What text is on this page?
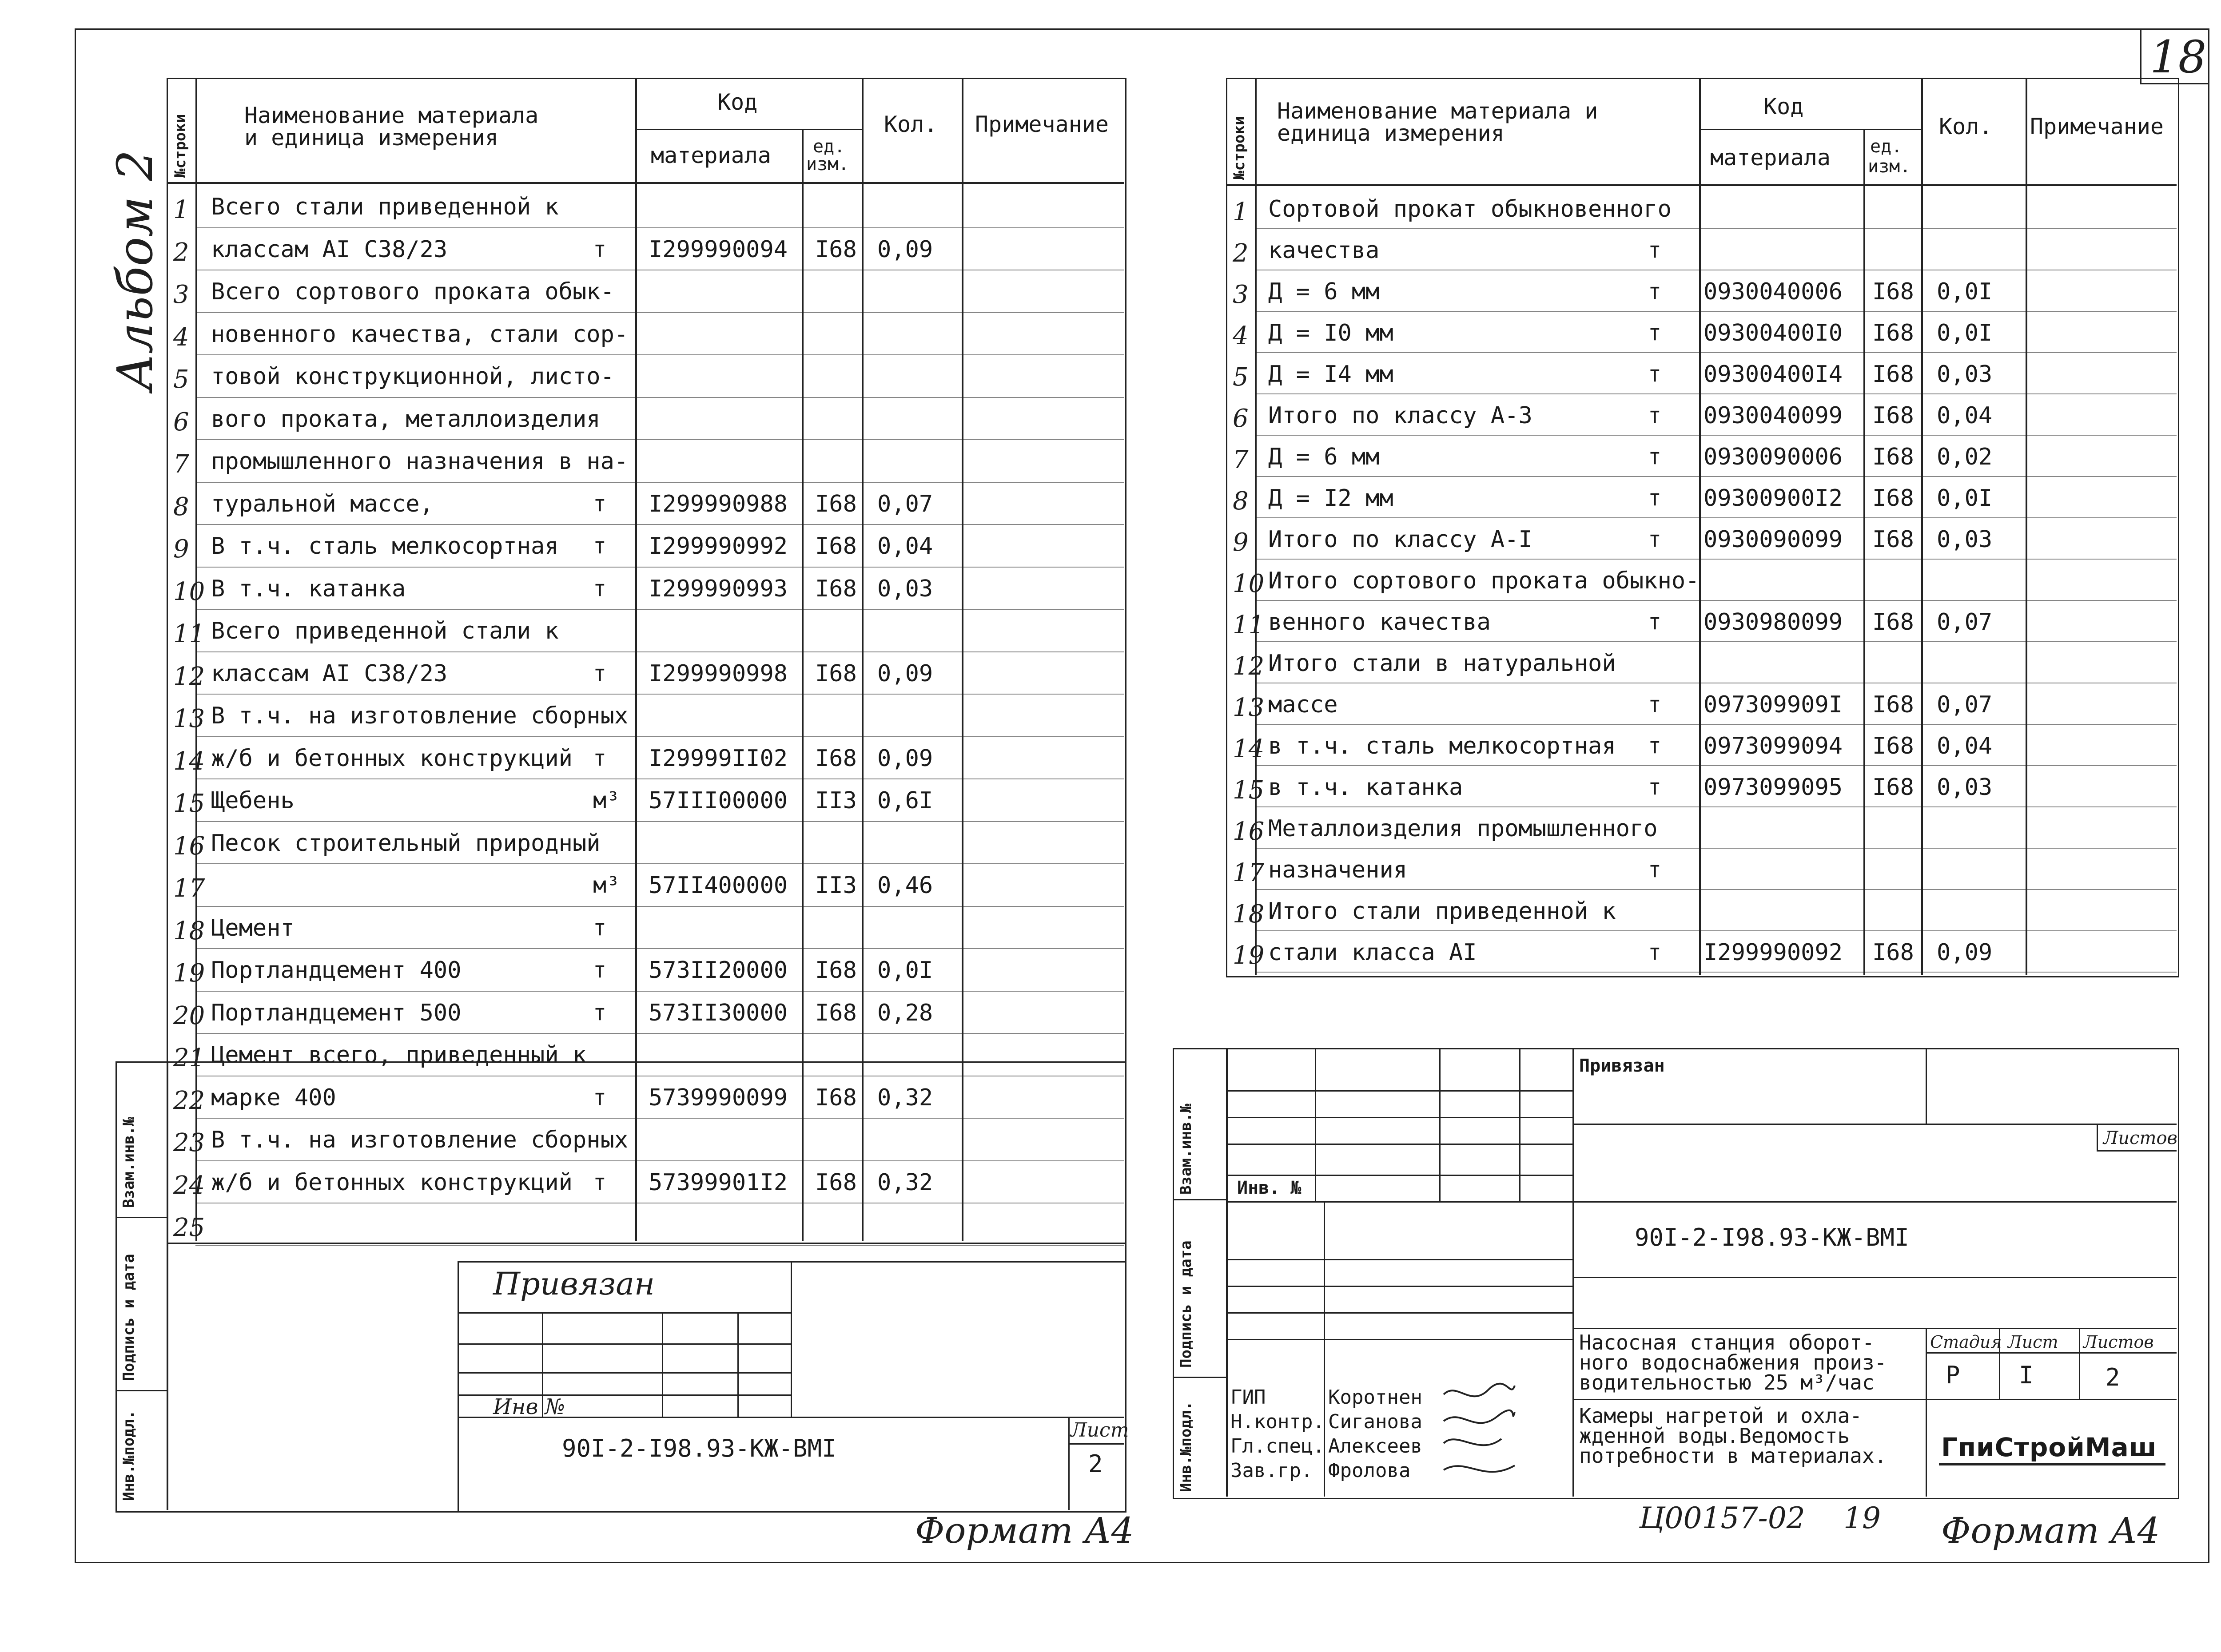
18
Альбом 2
№строки Наименование материала
и единица измерения
Код
материала ед.
изм.
Кол. Примечание
1 Всего стали приведенной к
2 классам AI C38/23	т I299990094 I68 0,09
3 Всего сортового проката обык-
4 новенного качества, стали сор-
5 товой конструкционной, листо-
6 вого проката, металлоизделия
7 промышленного назначения в на-
8 туральной массе,	т I299990988 I68 0,07
9 В т.ч. сталь мелкосортная т I299990992 I68 0,04
10 В т.ч. катанка	т I299990993 I68 0,03
11 Всего приведенной стали к
12 классам AI C38/23	т I299990998 I68 0,09
13 В т.ч. на изготовление сборных
14 ж/б и бетонных конструкций т I29999II02 I68 0,09
15 Щебень	м³ 57III00000 II3 0,6I
16 Песок строительный природный
17	м³ 57II400000 II3 0,46
18 Цемент	т
19 Портландцемент 400	т 573II20000 I68 0,0I
20 Портландцемент 500	т 573II30000 I68 0,28
21 Цемент всего, приведенный к
22 марке 400	т 5739990099 I68 0,32
23 В т.ч. на изготовление сборных
24 ж/б и бетонных конструкций т 57399901I2 I68 0,32
25
Инв.№подл.
Подпись и дата
Взам.инв.№
Привязан
Инв №
90I-2-I98.93-КЖ-ВМI
Лист
2
№строки
Наименование материала и
единица измерения
Код
материала ед.
изм.
Кол. Примечание
1 Сортовой прокат обыкновенного
2 качества	т
3 Д = 6 мм	т 0930040006 I68 0,0I
4 Д = I0 мм	т 09300400I0 I68 0,0I
5 Д = I4 мм	т 09300400I4 I68 0,03
6 Итого по классу А-3	т 0930040099 I68 0,04
7 Д = 6 мм	т 0930090006 I68 0,02
8 Д = I2 мм	т 09300900I2 I68 0,0I
9 Итого по классу А-I	т 0930090099 I68 0,03
10 Итого сортового проката обыкно-
11 венного качества	т 0930980099 I68 0,07
12 Итого стали в натуральной
13 массе	т 097309909I I68 0,07
14 в т.ч. сталь мелкосортная т 0973099094 I68 0,04
15 в т.ч. катанка	т 0973099095 I68 0,03
16 Металлоизделия промышленного
17 назначения	т
18 Итого стали приведенной к
19 стали класса AI	т I299990092 I68 0,09
Инв.№подл.
Подпись и дата
Взам.инв.№ Инв. №
Привязан
Листов
90I-2-I98.93-КЖ-ВМI
Насосная станция оборот-
ного водоснабжения произ-
водительностью 25 м³/час
Камеры нагретой и охла-
жденной воды.Ведомость
потребности в материалах.
Стадия Лист Листов
Р I	2
ГпиСтройМаш
ГИП	Коротнен
Н.контр. Сиганова
Гл.спец. Алексеев
Зав.гр. Фролова
Формат А4	Ц00157-02 19 Формат А4
